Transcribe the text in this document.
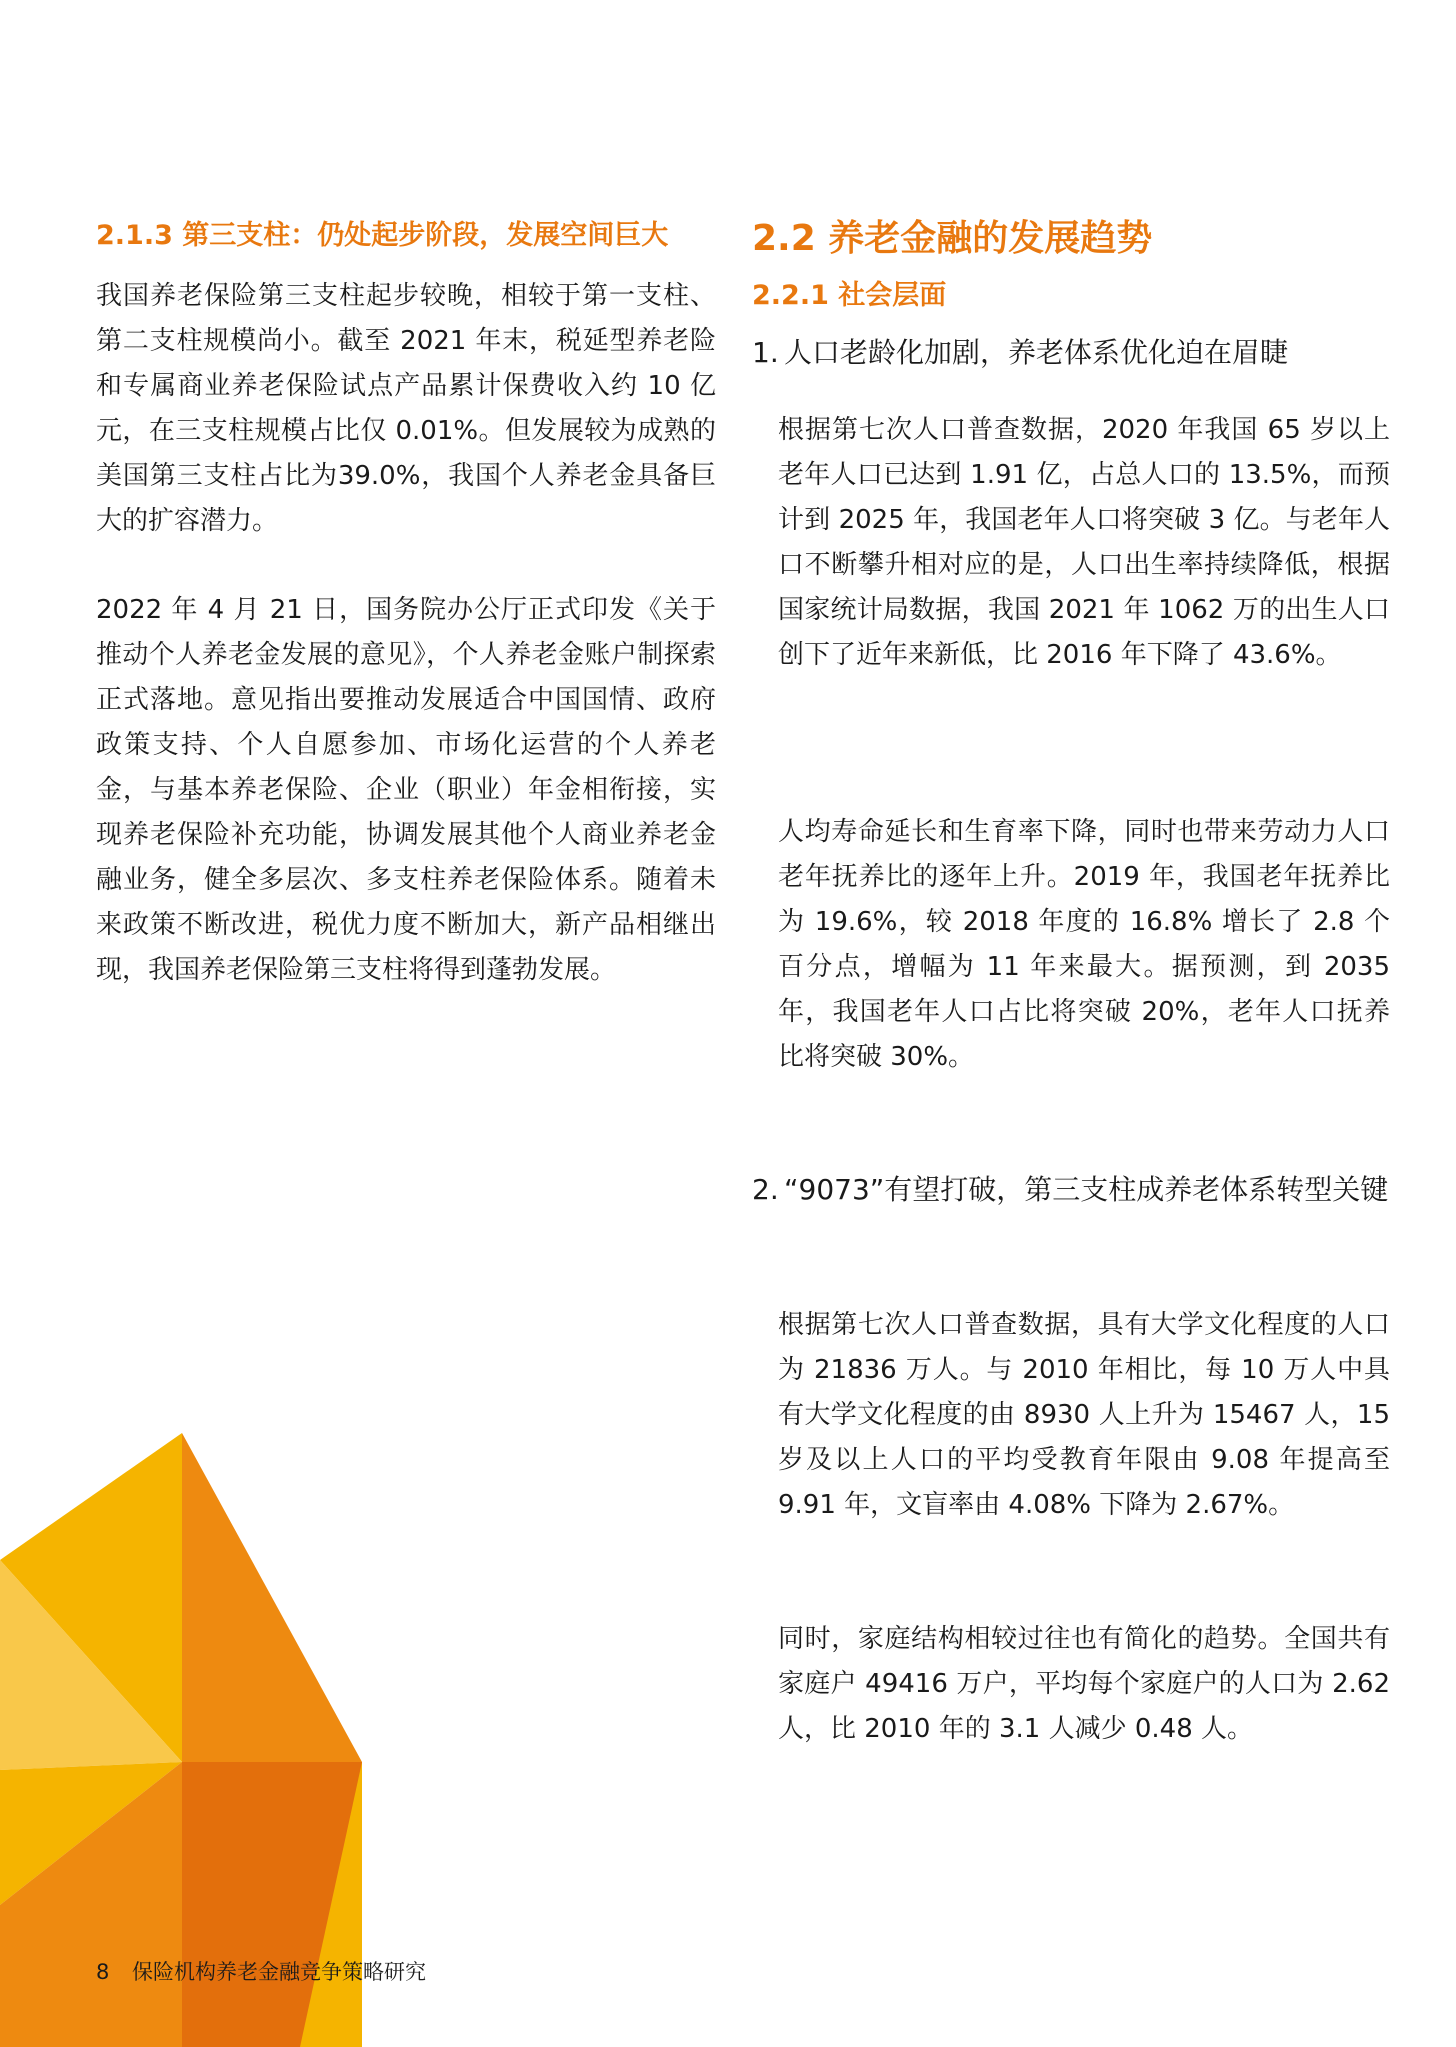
2.1.3 第三支柱：仍处起步阶段，发展空间巨大

我国养老保险第三支柱起步较晚，相较于第一支柱、第二支柱规模尚小。截至 2021 年末，税延型养老险和专属商业养老保险试点产品累计保费收入约 10 亿元，在三支柱规模占比仅 0.01%。但发展较为成熟的美国第三支柱占比为39.0%，我国个人养老金具备巨大的扩容潜力。

2022 年 4 月 21 日，国务院办公厅正式印发《关于推动个人养老金发展的意见》，个人养老金账户制探索正式落地。意见指出要推动发展适合中国国情、政府政策支持、个人自愿参加、市场化运营的个人养老金，与基本养老保险、企业（职业）年金相衔接，实现养老保险补充功能，协调发展其他个人商业养老金融业务，健全多层次、多支柱养老保险体系。随着未来政策不断改进，税优力度不断加大，新产品相继出现，我国养老保险第三支柱将得到蓬勃发展。

2.2 养老金融的发展趋势
2.2.1 社会层面
1. 人口老龄化加剧，养老体系优化迫在眉睫

根据第七次人口普查数据，2020 年我国 65 岁以上老年人口已达到 1.91 亿，占总人口的 13.5%，而预计到 2025 年，我国老年人口将突破 3 亿。与老年人口不断攀升相对应的是，人口出生率持续降低，根据国家统计局数据，我国 2021 年 1062 万的出生人口创下了近年来新低，比 2016 年下降了 43.6%。

人均寿命延长和生育率下降，同时也带来劳动力人口老年抚养比的逐年上升。2019 年，我国老年抚养比为 19.6%，较 2018 年度的 16.8% 增长了 2.8 个百分点，增幅为 11 年来最大。据预测，到 2035 年，我国老年人口占比将突破 20%，老年人口抚养比将突破 30%。

2. “9073”有望打破，第三支柱成养老体系转型关键

根据第七次人口普查数据，具有大学文化程度的人口为 21836 万人。与 2010 年相比，每 10 万人中具有大学文化程度的由 8930 人上升为 15467 人，15 岁及以上人口的平均受教育年限由 9.08 年提高至 9.91 年，文盲率由 4.08% 下降为 2.67%。

同时，家庭结构相较过往也有简化的趋势。全国共有家庭户 49416 万户，平均每个家庭户的人口为 2.62 人，比 2010 年的 3.1 人减少 0.48 人。

8 保险机构养老金融竞争策略研究
